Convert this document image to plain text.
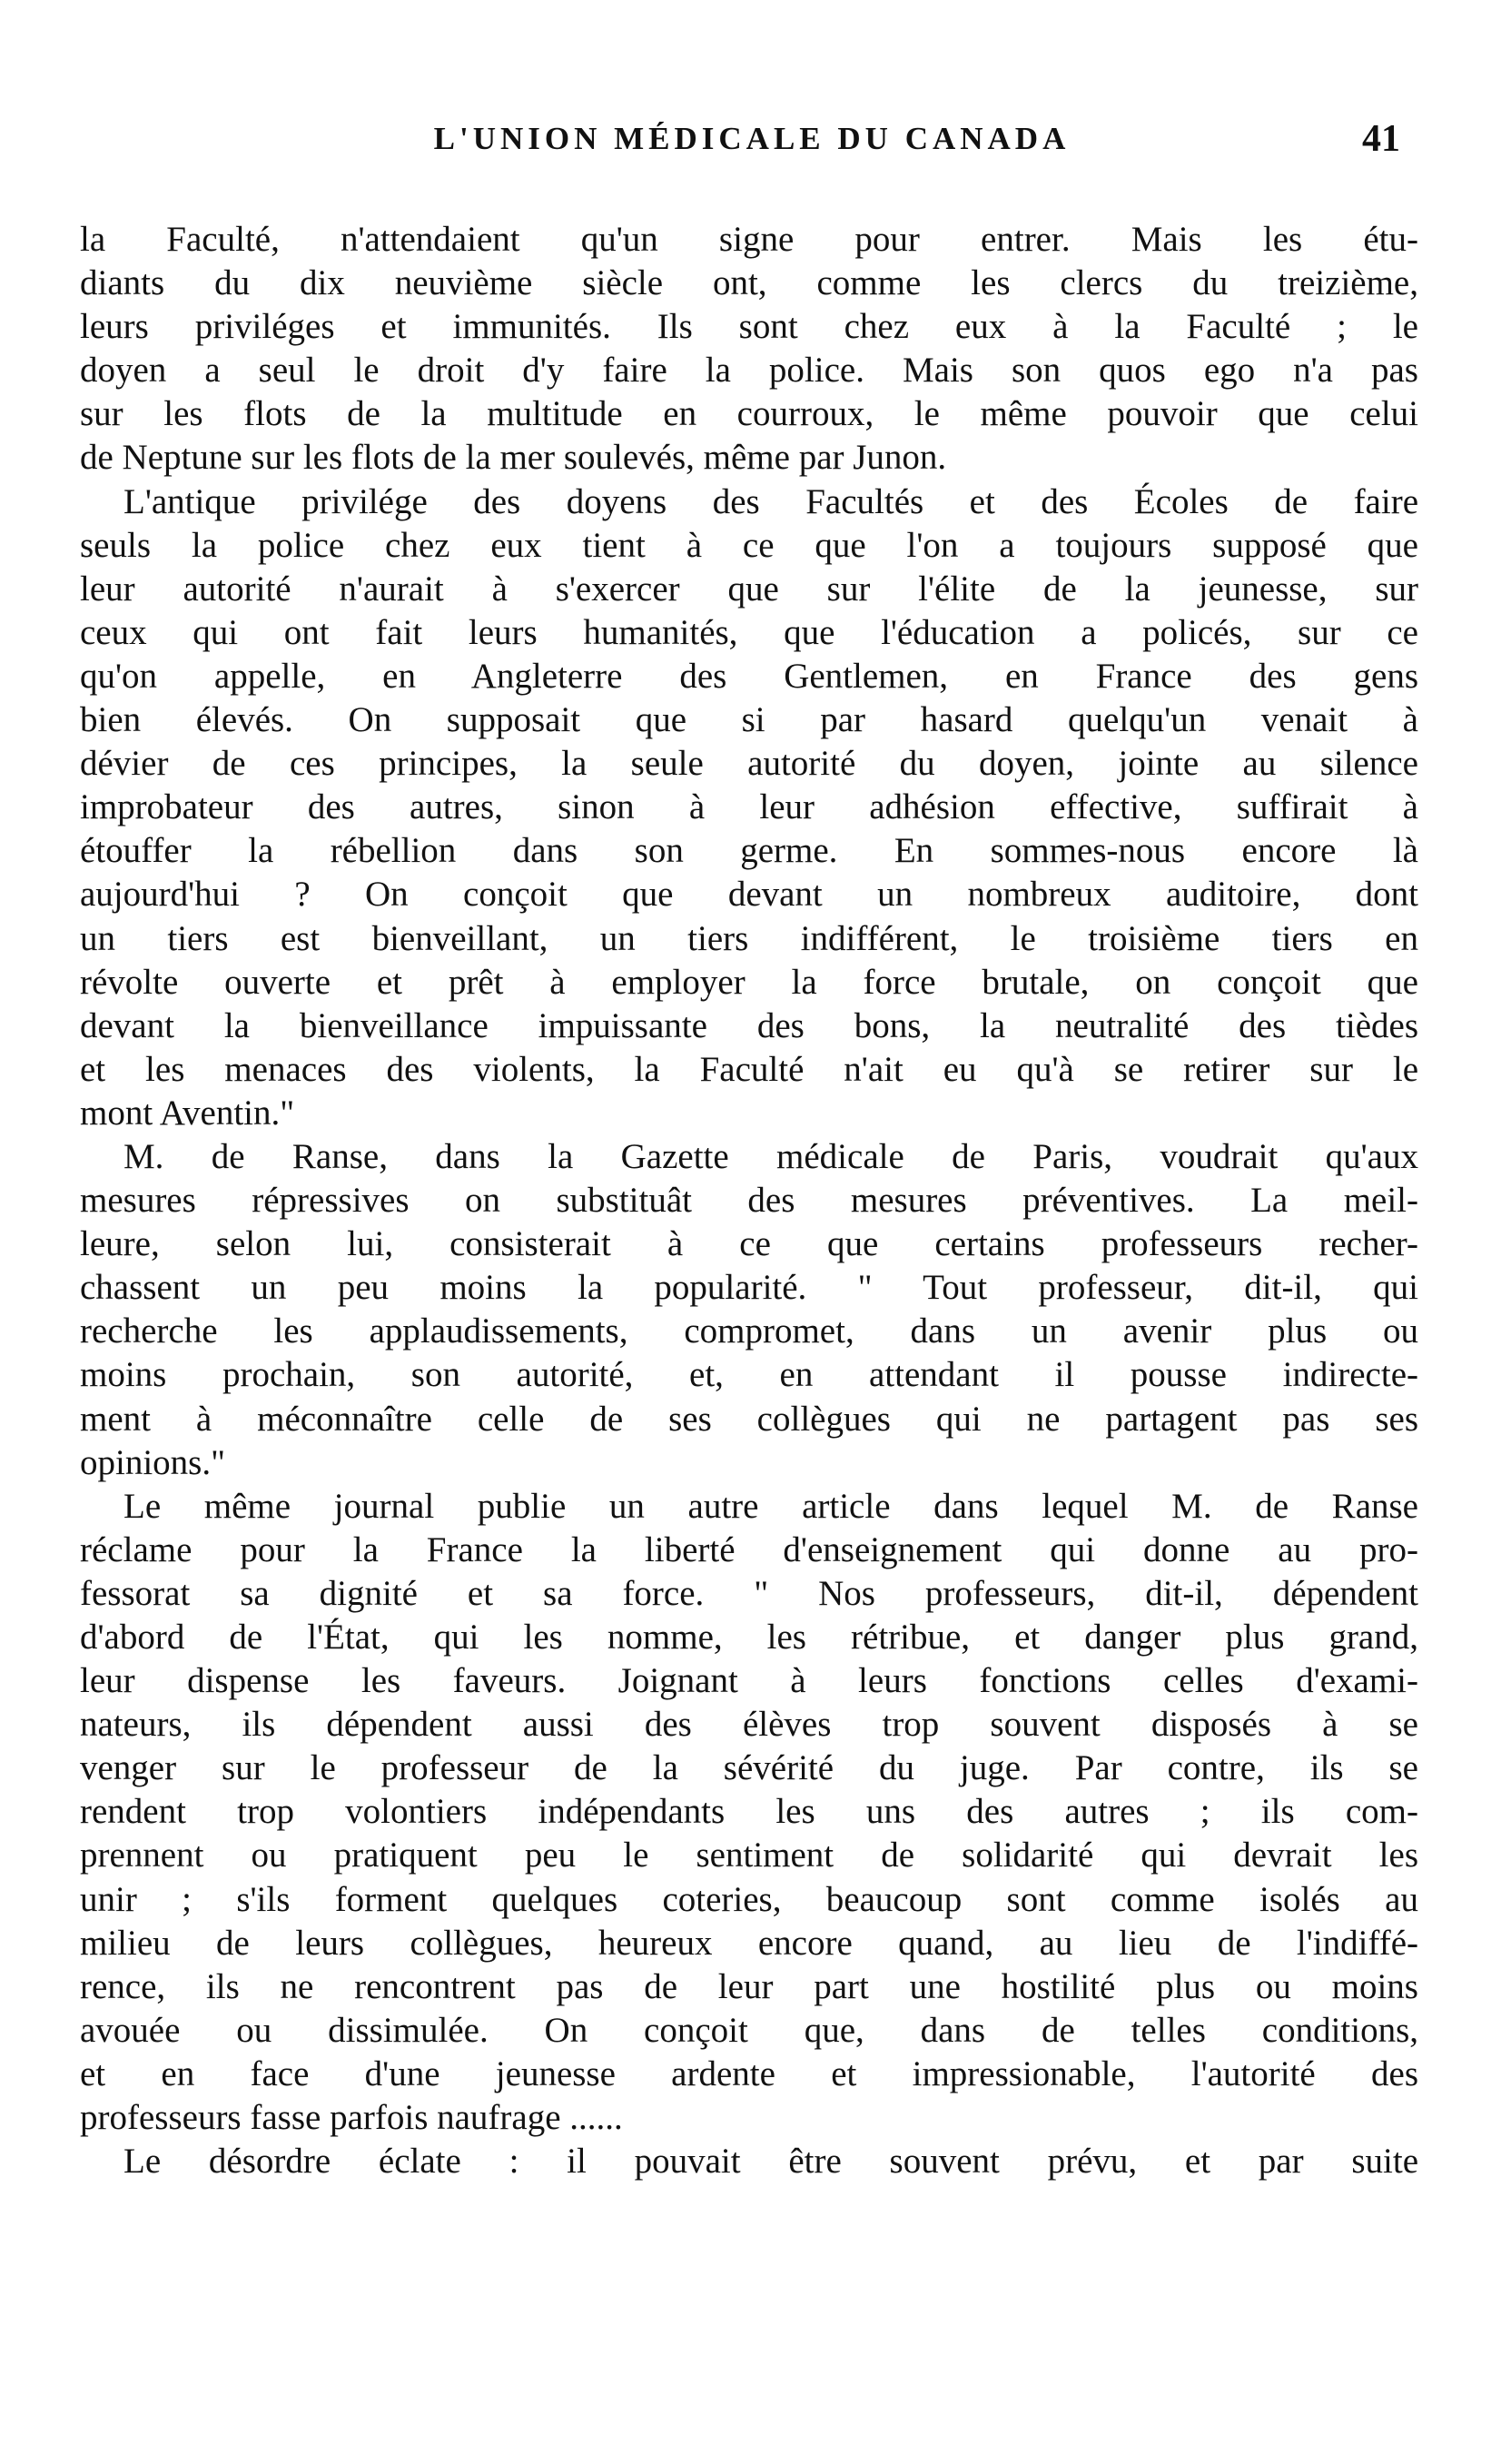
L'UNION MÉDICALE DU CANADA	41
la Faculté, n'attendaient qu'un signe pour entrer. Mais les étu-
diants du dix neuvième siècle ont, comme les clercs du treizième,
leurs priviléges et immunités. Ils sont chez eux à la Faculté ; le
doyen a seul le droit d'y faire la police. Mais son quos ego n'a pas
sur les flots de la multitude en courroux, le même pouvoir que celui
de Neptune sur les flots de la mer soulevés, même par Junon.
L'antique privilége des doyens des Facultés et des Écoles de faire
seuls la police chez eux tient à ce que l'on a toujours supposé que
leur autorité n'aurait à s'exercer que sur l'élite de la jeunesse, sur
ceux qui ont fait leurs humanités, que l'éducation a policés, sur ce
qu'on appelle, en Angleterre des Gentlemen, en France des gens
bien élevés. On supposait que si par hasard quelqu'un venait à
dévier de ces principes, la seule autorité du doyen, jointe au silence
improbateur des autres, sinon à leur adhésion effective, suffirait à
étouffer la rébellion dans son germe. En sommes-nous encore là
aujourd'hui ? On conçoit que devant un nombreux auditoire, dont
un tiers est bienveillant, un tiers indifférent, le troisième tiers en
révolte ouverte et prêt à employer la force brutale, on conçoit que
devant la bienveillance impuissante des bons, la neutralité des tièdes
et les menaces des violents, la Faculté n'ait eu qu'à se retirer sur le
mont Aventin."
M. de Ranse, dans la Gazette médicale de Paris, voudrait qu'aux
mesures répressives on substituât des mesures préventives. La meil-
leure, selon lui, consisterait à ce que certains professeurs recher-
chassent un peu moins la popularité. " Tout professeur, dit-il, qui
recherche les applaudissements, compromet, dans un avenir plus ou
moins prochain, son autorité, et, en attendant il pousse indirecte-
ment à méconnaître celle de ses collègues qui ne partagent pas ses
opinions."
Le même journal publie un autre article dans lequel M. de Ranse
réclame pour la France la liberté d'enseignement qui donne au pro-
fessorat sa dignité et sa force. " Nos professeurs, dit-il, dépendent
d'abord de l'État, qui les nomme, les rétribue, et danger plus grand,
leur dispense les faveurs. Joignant à leurs fonctions celles d'exami-
nateurs, ils dépendent aussi des élèves trop souvent disposés à se
venger sur le professeur de la sévérité du juge. Par contre, ils se
rendent trop volontiers indépendants les uns des autres ; ils com-
prennent ou pratiquent peu le sentiment de solidarité qui devrait les
unir ; s'ils forment quelques coteries, beaucoup sont comme isolés au
milieu de leurs collègues, heureux encore quand, au lieu de l'indiffé-
rence, ils ne rencontrent pas de leur part une hostilité plus ou moins
avouée ou dissimulée. On conçoit que, dans de telles conditions,
et en face d'une jeunesse ardente et impressionable, l'autorité des
professeurs fasse parfois naufrage ......
Le désordre éclate : il pouvait être souvent prévu, et par suite
